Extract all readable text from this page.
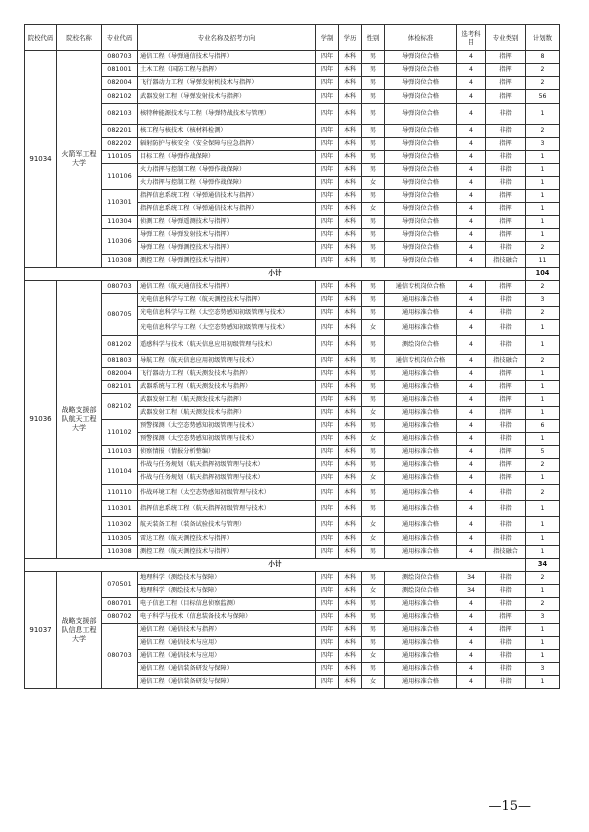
院校代码	院校名称	专业代码	专业名称及招考方向	学制	学历	性别	体检标准	选考科目	专业类别	计划数
91034	火箭军工程大学	080703	通信工程（导弹通信技术与指挥）	四年	本科	男	导弹岗位合格	4	指挥	8
		081001	土木工程（国防工程与指挥）	四年	本科	男	导弹岗位合格	4	指挥	2
		082004	飞行器动力工程（导弹发射机技术与指挥）	四年	本科	男	导弹岗位合格	4	指挥	2
		082102	武器发射工程（导弹发射技术与指挥）	四年	本科	男	导弹岗位合格	4	指挥	56
		082103	核特种能源技术与工程（导弹特战技术与管理）	四年	本科	男	导弹岗位合格	4	非指	1
		082201	核工程与核技术（核材料检测）	四年	本科	男	导弹岗位合格	4	非指	2
		082202	辐射防护与核安全（安全保障与应急指挥）	四年	本科	男	导弹岗位合格	4	指挥	3
		110105	目标工程（导弹作战保障）	四年	本科	男	导弹岗位合格	4	非指	1
		110106	火力指挥与控制工程（导弹作战保障）	四年	本科	男	导弹岗位合格	4	非指	1
			火力指挥与控制工程（导弹作战保障）	四年	本科	女	导弹岗位合格	4	非指	1
		110301	指挥信息系统工程（导弹通信技术与指挥）	四年	本科	男	导弹岗位合格	4	指挥	1
			指挥信息系统工程（导弹通信技术与指挥）	四年	本科	女	导弹岗位合格	4	指挥	1
		110304	侦测工程（导弹遥测技术与指挥）	四年	本科	男	导弹岗位合格	4	指挥	1
		110306	导弹工程（导弹发射技术与指挥）	四年	本科	男	导弹岗位合格	4	指挥	1
			导弹工程（导弹测控技术与指挥）	四年	本科	男	导弹岗位合格	4	非指	2
		110308	测控工程（导弹测控技术与指挥）	四年	本科	男	导弹岗位合格	4	指技融合	11
小计										104
91036	战略支援部队航天工程大学	080703	通信工程（航天通信技术与指挥）	四年	本科	男	通信专机岗位合格	4	指挥	2
		080705	光电信息科学与工程（航天测控技术与指挥）	四年	本科	男	通用标准合格	4	非指	3
			光电信息科学与工程（太空态势感知初级管理与技术）	四年	本科	男	通用标准合格	4	非指	2
			光电信息科学与工程（太空态势感知初级管理与技术）	四年	本科	女	通用标准合格	4	非指	1
		081202	遥感科学与技术（航天信息应用初级管理与技术）	四年	本科	男	测绘岗位合格	4	非指	1
		081803	导航工程（航天信息应用初级管理与技术）	四年	本科	男	通信专机岗位合格	4	指技融合	2
		082004	飞行器动力工程（航天测发技术与指挥）	四年	本科	男	通用标准合格	4	指挥	1
		082101	武器系统与工程（航天测发技术与指挥）	四年	本科	男	通用标准合格	4	指挥	1
		082102	武器发射工程（航天测发技术与指挥）	四年	本科	男	通用标准合格	4	指挥	1
			武器发射工程（航天测发技术与指挥）	四年	本科	女	通用标准合格	4	指挥	1
		110102	预警探测（太空态势感知初级管理与技术）	四年	本科	男	通用标准合格	4	非指	6
			预警探测（太空态势感知初级管理与技术）	四年	本科	女	通用标准合格	4	非指	1
		110103	侦察情报（情报分析整编）	四年	本科	男	通用标准合格	4	指挥	5
		110104	作战与任务规划（航天指挥初级管理与技术）	四年	本科	男	通用标准合格	4	指挥	2
			作战与任务规划（航天指挥初级管理与技术）	四年	本科	女	通用标准合格	4	指挥	1
		110110	作战环境工程（太空态势感知初级管理与技术）	四年	本科	男	通用标准合格	4	非指	2
		110301	指挥信息系统工程（航天指挥初级管理与技术）	四年	本科	男	通用标准合格	4	非指	1
		110302	航天装备工程（装备试验技术与管理）	四年	本科	女	通用标准合格	4	非指	1
		110305	雷达工程（航天测控技术与指挥）	四年	本科	女	通用标准合格	4	非指	1
		110308	测控工程（航天测控技术与指挥）	四年	本科	男	通用标准合格	4	指技融合	1
小计										34
91037	战略支援部队信息工程大学	070501	地理科学（测绘技术与保障）	四年	本科	男	测绘岗位合格	34	非指	2
			地理科学（测绘技术与保障）	四年	本科	女	测绘岗位合格	34	非指	1
		080701	电子信息工程（目标信息侦察监测）	四年	本科	男	通用标准合格	4	非指	2
		080702	电子科学与技术（信息装备技术与保障）	四年	本科	男	通用标准合格	4	指挥	3
		080703	通信工程（通信技术与指挥）	四年	本科	男	通用标准合格	4	指挥	1
			通信工程（通信技术与应用）	四年	本科	男	通用标准合格	4	非指	1
			通信工程（通信技术与应用）	四年	本科	女	通用标准合格	4	非指	1
			通信工程（通信装备研发与保障）	四年	本科	男	通用标准合格	4	非指	3
			通信工程（通信装备研发与保障）	四年	本科	女	通用标准合格	4	非指	1
—15—
